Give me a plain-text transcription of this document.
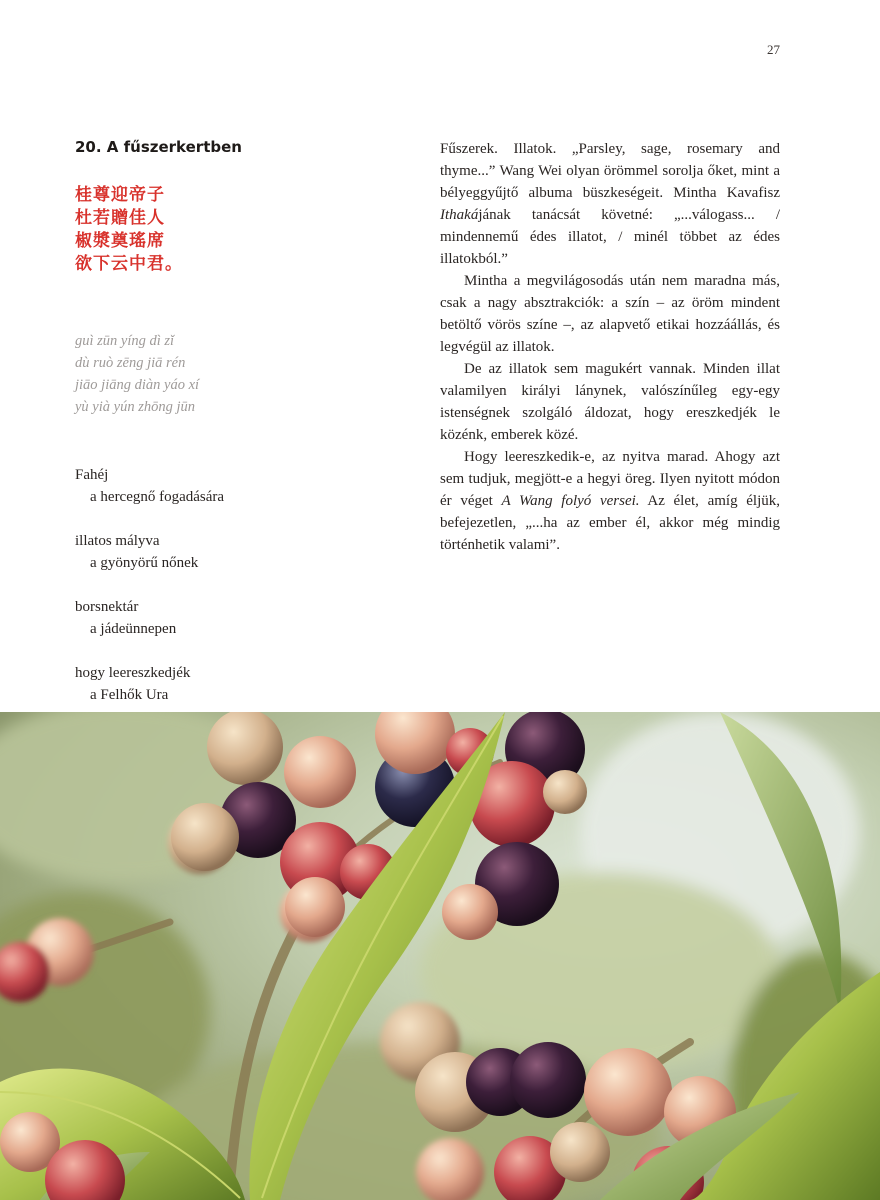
27
20. A fűszerkertben
桂尊迎帝子
杜若贈佳人
椒漿奠瑤席
欲下云中君。
guì zūn yíng dì zǐ
dù ruò zēng jiā rén
jiāo jiāng diàn yáo xí
yù yià yún zhōng jūn
Fahéj
a hercegnő fogadására
illatos mályva
a gyönyörű nőnek
borsnektár
a jádeünnepen
hogy leereszkedjék
a Felhők Ura

Fűszerek. Illatok. „Parsley, sage, rosemary and thyme...” Wang Wei olyan örömmel sorolja őket, mint a bélyeggyűjtő albuma büszkeségeit. Mintha Kavafisz Ithakájának tanácsát követné: „...válogass... / mindennemű édes illatot, / minél többet az édes illatokból.”

Mintha a megvilágosodás után nem maradna más, csak a nagy absztrakciók: a szín – az öröm mindent betöltő vörös színe –, az alapvető etikai hozzáállás, és legvégül az illatok.

De az illatok sem magukért vannak. Minden illat valamilyen királyi lánynek, valószínűleg egy-egy istenségnek szolgáló áldozat, hogy ereszkedjék le közénk, emberek közé.

Hogy leereszkedik-e, az nyitva marad. Ahogy azt sem tudjuk, megjött-e a hegyi öreg. Ilyen nyitott módon ér véget A Wang folyó versei. Az élet, amíg éljük, befejezetlen, „...ha az ember él, akkor még mindig történhetik valami”.
